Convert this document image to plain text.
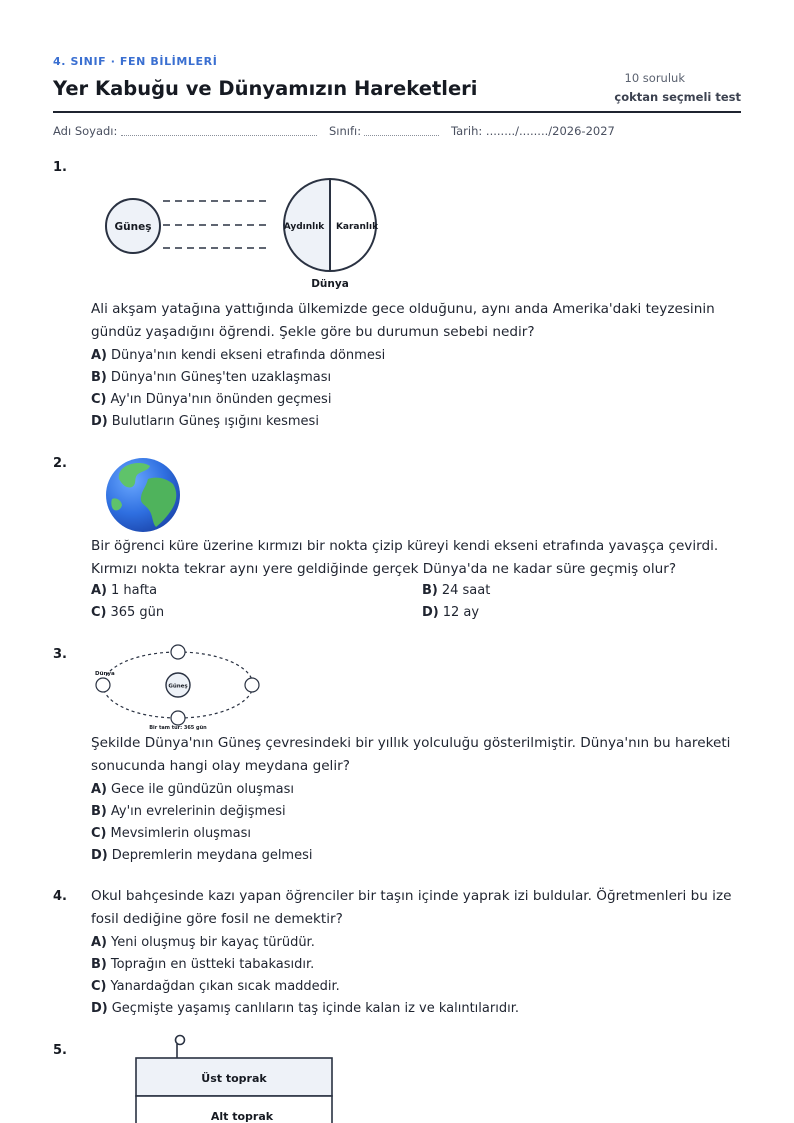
4. SINIF · FEN BİLİMLERİ
Yer Kabuğu ve Dünyamızın Hareketleri	10 soruluk
çoktan seçmeli test
Adı Soyadı:	Sınıfı:	Tarih: ......../......../2026-2027
1.
Güneş	Aydınlık Karanlık
Dünya
Ali akşam yatağına yattığında ülkemizde gece olduğunu, aynı anda Amerika'daki teyzesinin gündüz yaşadığını öğrendi. Şekle göre bu durumun sebebi nedir?
A) Dünya'nın kendi ekseni etrafında dönmesi
B) Dünya'nın Güneş'ten uzaklaşması
C) Ay'ın Dünya'nın önünden geçmesi
D) Bulutların Güneş ışığını kesmesi
2.
Bir öğrenci küre üzerine kırmızı bir nokta çizip küreyi kendi ekseni etrafında yavaşça çevirdi. Kırmızı nokta tekrar aynı yere geldiğinde gerçek Dünya'da ne kadar süre geçmiş olur?
A) 1 hafta	B) 24 saat
C) 365 gün	D) 12 ay
3.
Güneş
Dünya
Bir tam tur: 365 gün
Şekilde Dünya'nın Güneş çevresindeki bir yıllık yolculuğu gösterilmiştir. Dünya'nın bu hareketi sonucunda hangi olay meydana gelir?
A) Gece ile gündüzün oluşması
B) Ay'ın evrelerinin değişmesi
C) Mevsimlerin oluşması
D) Depremlerin meydana gelmesi
4. Okul bahçesinde kazı yapan öğrenciler bir taşın içinde yaprak izi buldular. Öğretmenleri bu ize fosil dediğine göre fosil ne demektir?
A) Yeni oluşmuş bir kayaç türüdür.
B) Toprağın en üstteki tabakasıdır.
C) Yanardağdan çıkan sıcak maddedir.
D) Geçmişte yaşamış canlıların taş içinde kalan iz ve kalıntılarıdır.
5.
Üst toprak
Alt toprak
